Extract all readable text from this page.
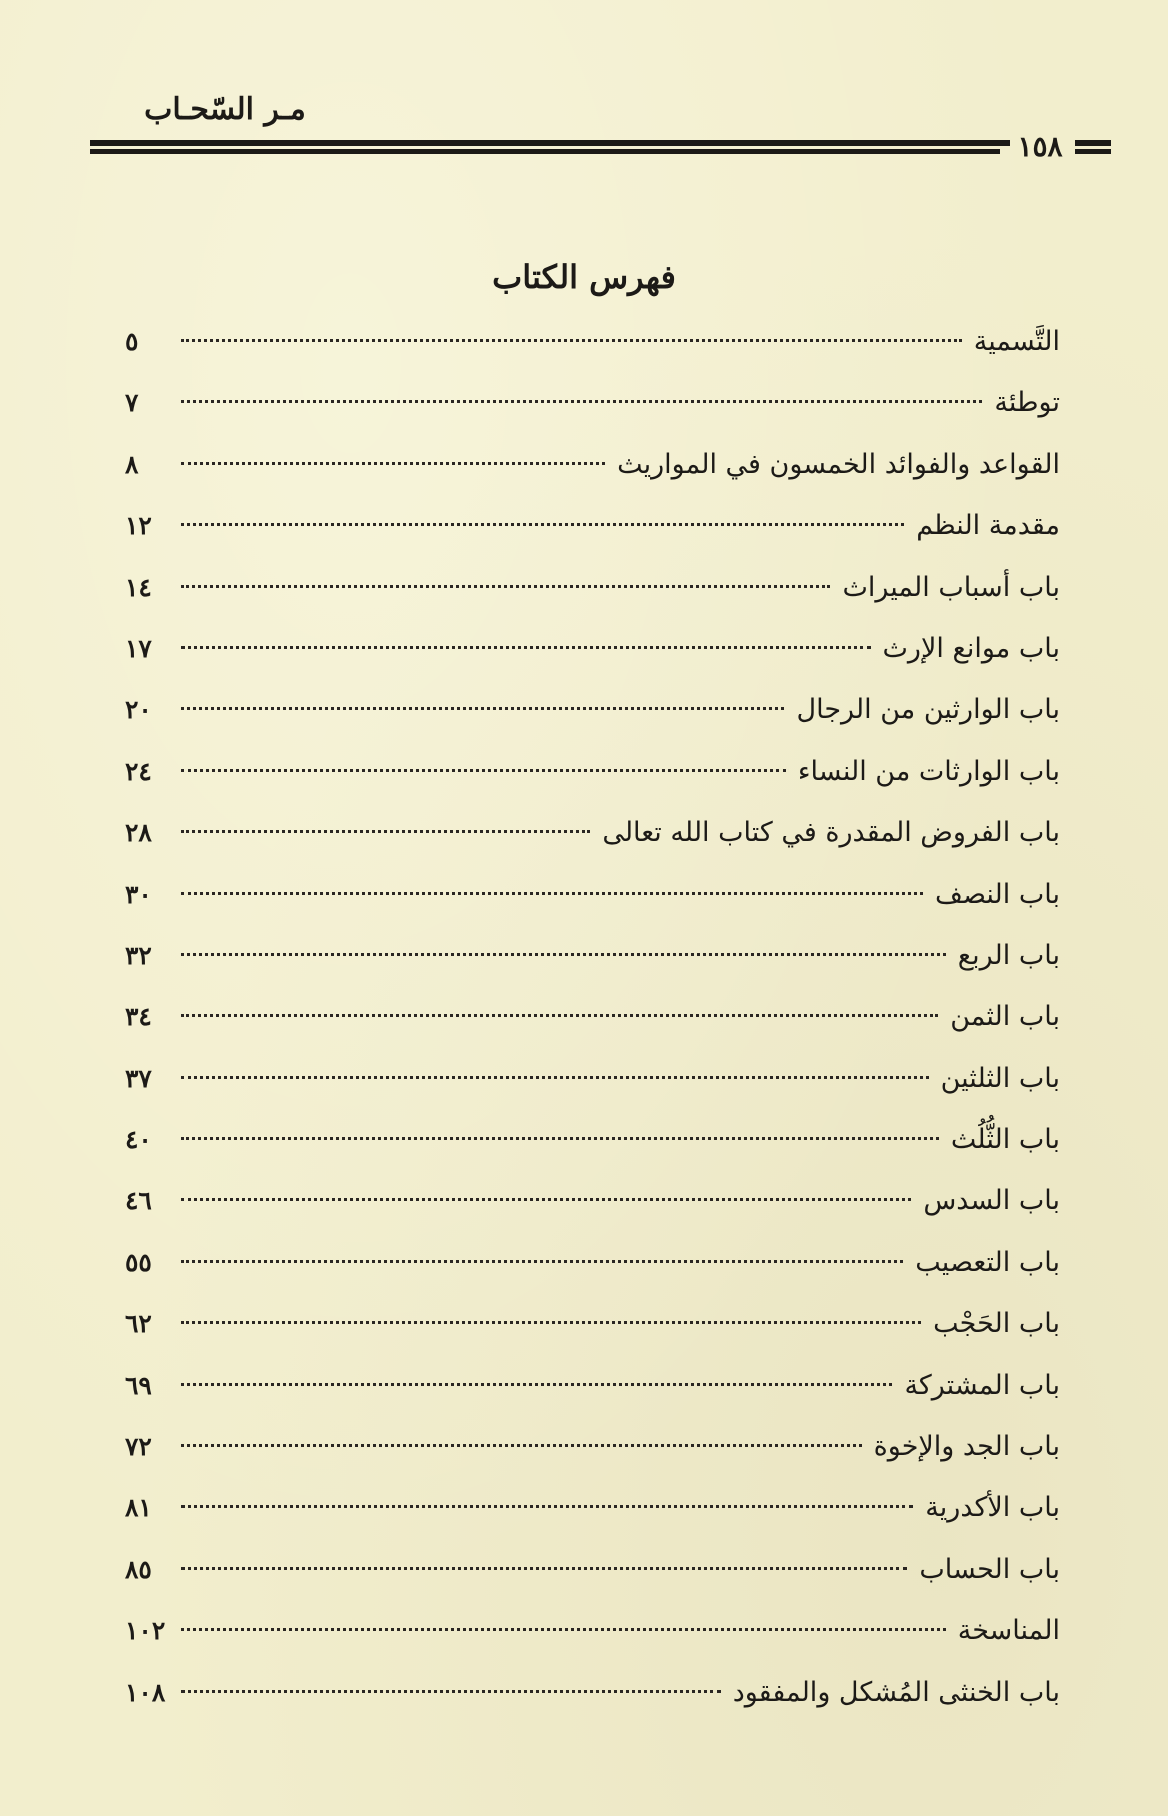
مـر السّحـاب
١٥٨
فهرس الكتاب
التَّسمية
٥
توطئة
٧
القواعد والفوائد الخمسون في المواريث
٨
مقدمة النظم
١٢
باب أسباب الميراث
١٤
باب موانع الإرث
١٧
باب الوارثين من الرجال
٢٠
باب الوارثات من النساء
٢٤
باب الفروض المقدرة في كتاب الله تعالى
٢٨
باب النصف
٣٠
باب الربع
٣٢
باب الثمن
٣٤
باب الثلثين
٣٧
باب الثُّلُث
٤٠
باب السدس
٤٦
باب التعصيب
٥٥
باب الحَجْب
٦٢
باب المشتركة
٦٩
باب الجد والإخوة
٧٢
باب الأكدرية
٨١
باب الحساب
٨٥
المناسخة
١٠٢
باب الخنثى المُشكل والمفقود
١٠٨
